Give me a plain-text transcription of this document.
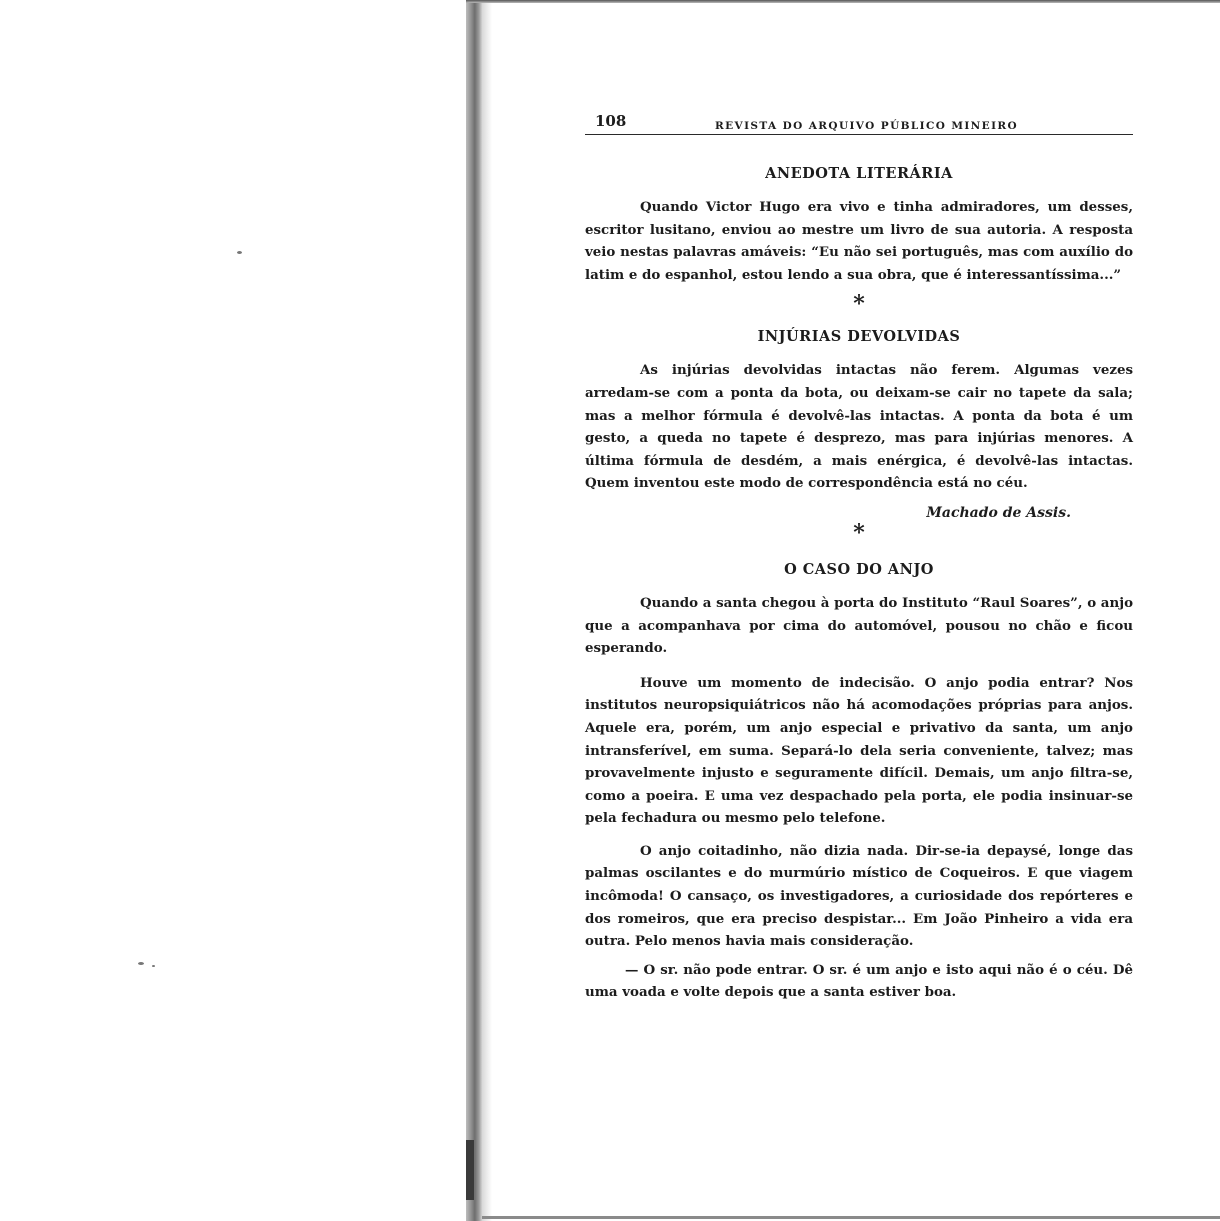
108	REVISTA DO ARQUIVO PÚBLICO MINEIRO
ANEDOTA LITERÁRIA

Quando Victor Hugo era vivo e tinha admiradores, um desses, escritor lusitano, enviou ao mestre um livro de sua autoria. A resposta veio nestas palavras amáveis: “Eu não sei português, mas com auxílio do latim e do espanhol, estou lendo a sua obra, que é interessantíssima...”

*

INJÚRIAS DEVOLVIDAS

As injúrias devolvidas intactas não ferem. Algumas vezes arredam-se com a ponta da bota, ou deixam-se cair no tapete da sala; mas a melhor fórmula é devolvê-las intactas. A ponta da bota é um gesto, a queda no tapete é desprezo, mas para injúrias menores. A última fórmula de desdém, a mais enérgica, é devolvê-las intactas. Quem inventou este modo de correspondência está no céu.

Machado de Assis.

*

O CASO DO ANJO

Quando a santa chegou à porta do Instituto “Raul Soares”, o anjo que a acompanhava por cima do automóvel, pousou no chão e ficou esperando.

Houve um momento de indecisão. O anjo podia entrar? Nos institutos neuropsiquiátricos não há acomodações próprias para anjos. Aquele era, porém, um anjo especial e privativo da santa, um anjo intransferível, em suma. Separá-lo dela seria conveniente, talvez; mas provavelmente injusto e seguramente difícil. Demais, um anjo filtra-se, como a poeira. E uma vez despachado pela porta, ele podia insinuar-se pela fechadura ou mesmo pelo telefone.

O anjo coitadinho, não dizia nada. Dir-se-ia depaysé, longe das palmas oscilantes e do murmúrio místico de Coqueiros. E que viagem incômoda! O cansaço, os investigadores, a curiosidade dos repórteres e dos romeiros, que era preciso despistar... Em João Pinheiro a vida era outra. Pelo menos havia mais consideração.

— O sr. não pode entrar. O sr. é um anjo e isto aqui não é o céu. Dê uma voada e volte depois que a santa estiver boa.
